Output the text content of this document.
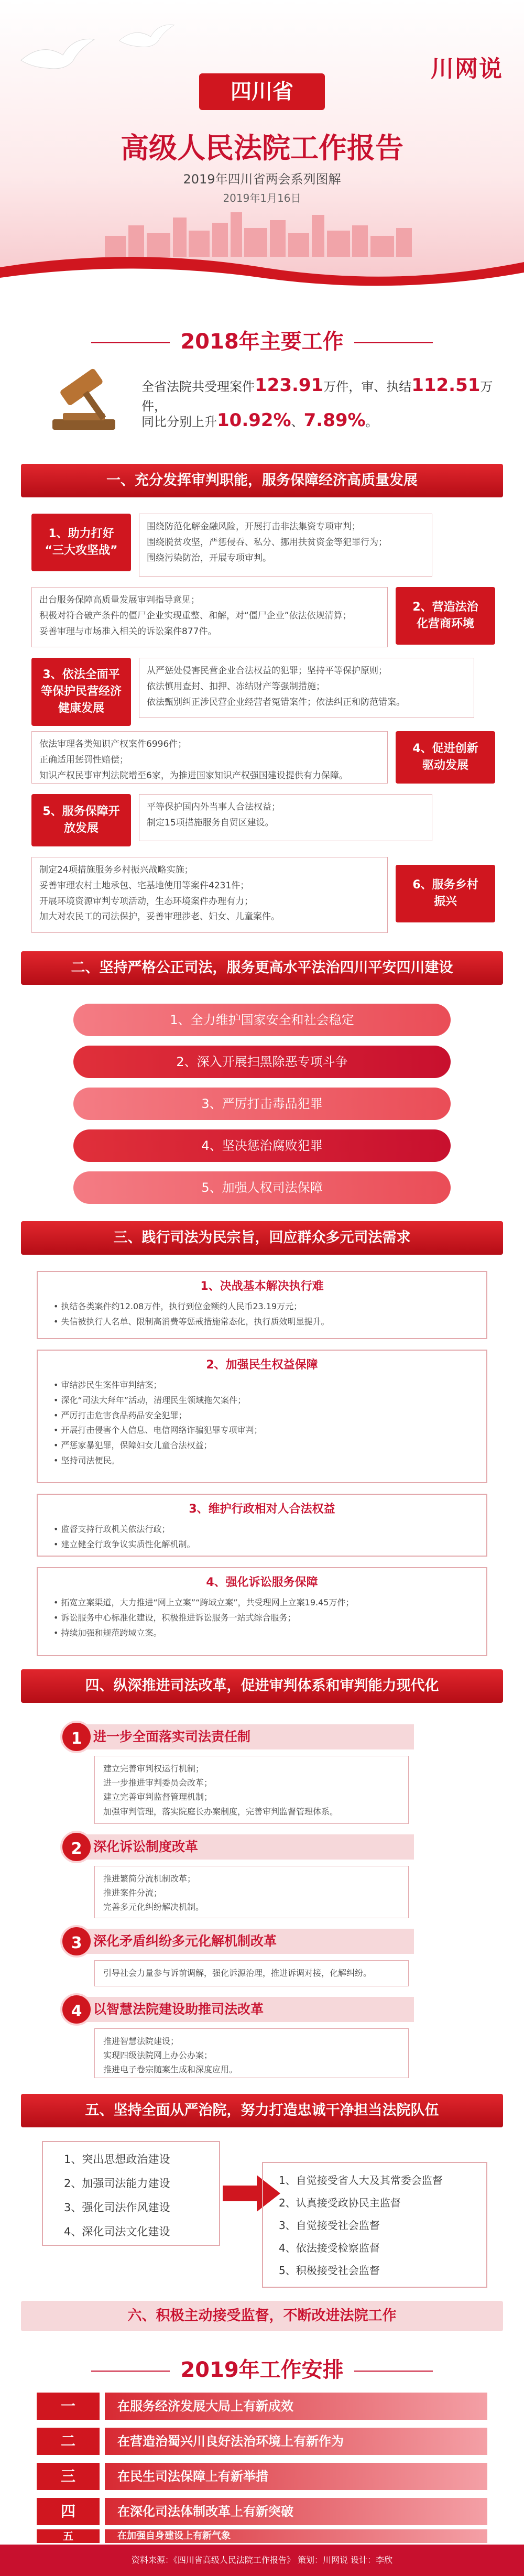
川网说
四川省
高级人民法院工作报告
2019年四川省两会系列图解
2019年1月16日
2018年主要工作
全省法院共受理案件123.91万件，审、执结112.51万件，
同比分别上升10.92%、7.89%。
一、充分发挥审判职能，服务保障经济高质量发展
1、助力打好
“三大攻坚战”
围绕防范化解金融风险，开展打击非法集资专项审判；
围绕脱贫攻坚，严惩侵吞、私分、挪用扶贫资金等犯罪行为；
围绕污染防治，开展专项审判。
出台服务保障高质量发展审判指导意见；
积极对符合破产条件的僵尸企业实现重整、和解，对“僵尸企业”依法依规清算；
妥善审理与市场准入相关的诉讼案件877件。
2、营造法治
化营商环境
3、依法全面平
等保护民营经济
健康发展
从严惩处侵害民营企业合法权益的犯罪；坚持平等保护原则；
依法慎用查封、扣押、冻结财产等强制措施；
依法甄别纠正涉民营企业经营者冤错案件；依法纠正和防范错案。
依法审理各类知识产权案件6996件；
正确适用惩罚性赔偿；
知识产权民事审判法院增至6家，为推进国家知识产权强国建设提供有力保障。
4、促进创新
驱动发展
5、服务保障开
放发展
平等保护国内外当事人合法权益；
制定15项措施服务自贸区建设。
制定24项措施服务乡村振兴战略实施；
妥善审理农村土地承包、宅基地使用等案件4231件；
开展环境资源审判专项活动，生态环境案件办理有力；
加大对农民工的司法保护，妥善审理涉老、妇女、儿童案件。
6、服务乡村
振兴
二、坚持严格公正司法，服务更高水平法治四川平安四川建设
1、全力维护国家安全和社会稳定
2、深入开展扫黑除恶专项斗争
3、严厉打击毒品犯罪
4、坚决惩治腐败犯罪
5、加强人权司法保障
三、践行司法为民宗旨，回应群众多元司法需求
1、决战基本解决执行难
• 执结各类案件约12.08万件，执行到位金额约人民币23.19万元；
• 失信被执行人名单、限制高消费等惩戒措施常态化，执行质效明显提升。
2、加强民生权益保障
• 审结涉民生案件审判结案；
• 深化“司法大拜年”活动，清理民生领域拖欠案件；
• 严厉打击危害食品药品安全犯罪；
• 开展打击侵害个人信息、电信网络诈骗犯罪专项审判；
• 严惩家暴犯罪，保障妇女儿童合法权益；
• 坚持司法便民。
3、维护行政相对人合法权益
• 监督支持行政机关依法行政；
• 建立健全行政争议实质性化解机制。
4、强化诉讼服务保障
• 拓宽立案渠道，大力推进“网上立案”“跨域立案”，共受理网上立案19.45万件；
• 诉讼服务中心标准化建设，积极推进诉讼服务一站式综合服务；
• 持续加强和规范跨域立案。
四、纵深推进司法改革，促进审判体系和审判能力现代化
进一步全面落实司法责任制
1
建立完善审判权运行机制；
进一步推进审判委员会改革；
建立完善审判监督管理机制；
加强审判管理，落实院庭长办案制度，完善审判监督管理体系。
深化诉讼制度改革
2
推进繁简分流机制改革；
推进案件分流；
完善多元化纠纷解决机制。
深化矛盾纠纷多元化解机制改革
3
引导社会力量参与诉前调解，强化诉源治理，推进诉调对接，化解纠纷。
以智慧法院建设助推司法改革
4
推进智慧法院建设；
实现四级法院网上办公办案；
推进电子卷宗随案生成和深度应用。
五、坚持全面从严治院，努力打造忠诚干净担当法院队伍
1、突出思想政治建设
2、加强司法能力建设
3、强化司法作风建设
4、深化司法文化建设
1、自觉接受省人大及其常委会监督
2、认真接受政协民主监督
3、自觉接受社会监督
4、依法接受检察监督
5、积极接受社会监督
六、积极主动接受监督，不断改进法院工作
2019年工作安排
一	在服务经济发展大局上有新成效
二	在营造治蜀兴川良好法治环境上有新作为
三	在民生司法保障上有新举措
四	在深化司法体制改革上有新突破
五	在加强自身建设上有新气象
资料来源：《四川省高级人民法院工作报告》 策划：川网说 设计：李欣
